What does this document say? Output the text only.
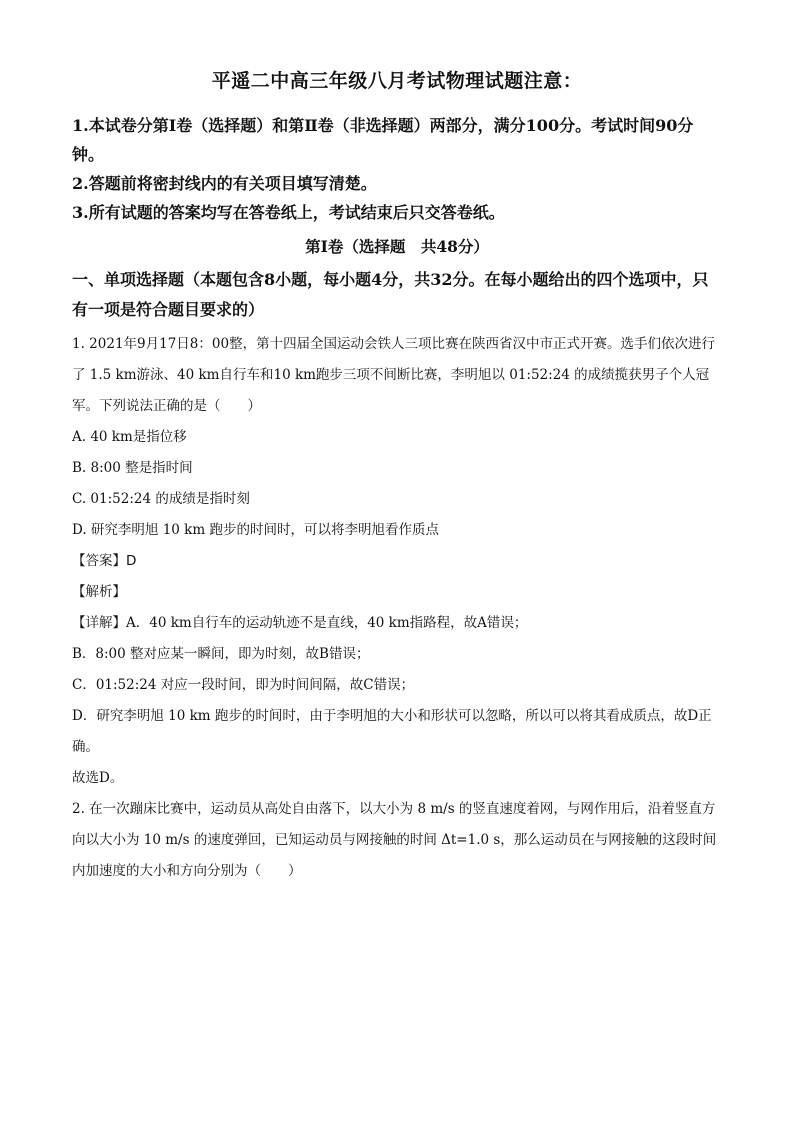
平遥二中高三年级八月考试物理试题注意：

1.本试卷分第Ⅰ卷（选择题）和第Ⅱ卷（非选择题）两部分，满分100分。考试时间90分钟。

2.答题前将密封线内的有关项目填写清楚。

3.所有试题的答案均写在答卷纸上，考试结束后只交答卷纸。

第Ⅰ卷（选择题　共48分）
一、单项选择题（本题包含8小题，每小题4分，共32分。在每小题给出的四个选项中，只有一项是符合题目要求的）

1. 2021年9月17日8：00整，第十四届全国运动会铁人三项比赛在陕西省汉中市正式开赛。选手们依次进行了 1.5 km游泳、40 km自行车和10 km跑步三项不间断比赛，李明旭以 01:52:24 的成绩揽获男子个人冠军。下列说法正确的是（　　）

A. 40 km是指位移

B. 8:00 整是指时间

C. 01:52:24 的成绩是指时刻

D. 研究李明旭 10 km 跑步的时间时，可以将李明旭看作质点

【答案】D

【解析】

【详解】A．40 km自行车的运动轨迹不是直线，40 km指路程，故A错误；

B．8:00 整对应某一瞬间，即为时刻，故B错误；

C．01:52:24 对应一段时间，即为时间间隔，故C错误；

D．研究李明旭 10 km 跑步的时间时，由于李明旭的大小和形状可以忽略，所以可以将其看成质点，故D正确。

故选D。

2. 在一次蹦床比赛中，运动员从高处自由落下，以大小为 8 m/s 的竖直速度着网，与网作用后，沿着竖直方向以大小为 10 m/s 的速度弹回，已知运动员与网接触的时间 Δt=1.0 s，那么运动员在与网接触的这段时间内加速度的大小和方向分别为（　　）
